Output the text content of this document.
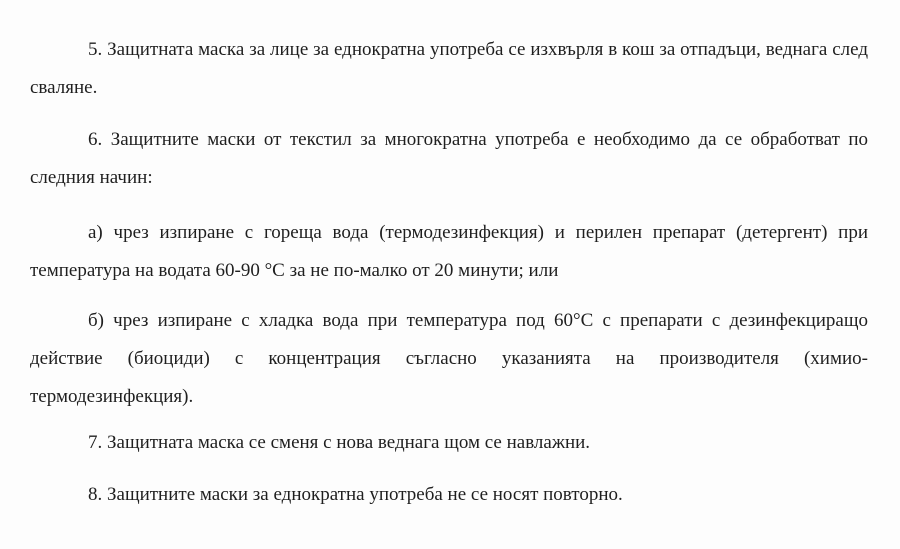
5. Защитната маска за лице за еднократна употреба се изхвърля в кош за отпадъци, веднага след сваляне.

6. Защитните маски от текстил за многократна употреба е необходимо да се обработват по следния начин:

а) чрез изпиране с гореща вода (термодезинфекция) и перилен препарат (детергент) при температура на водата 60-90 °С за не по-малко от 20 минути; или

б) чрез изпиране с хладка вода при температура под 60°С с препарати с дезинфекциращо действие (биоциди) с концентрация съгласно указанията на производителя (химио-термодезинфекция).

7. Защитната маска се сменя с нова веднага щом се навлажни.

8. Защитните маски за еднократна употреба не се носят повторно.
